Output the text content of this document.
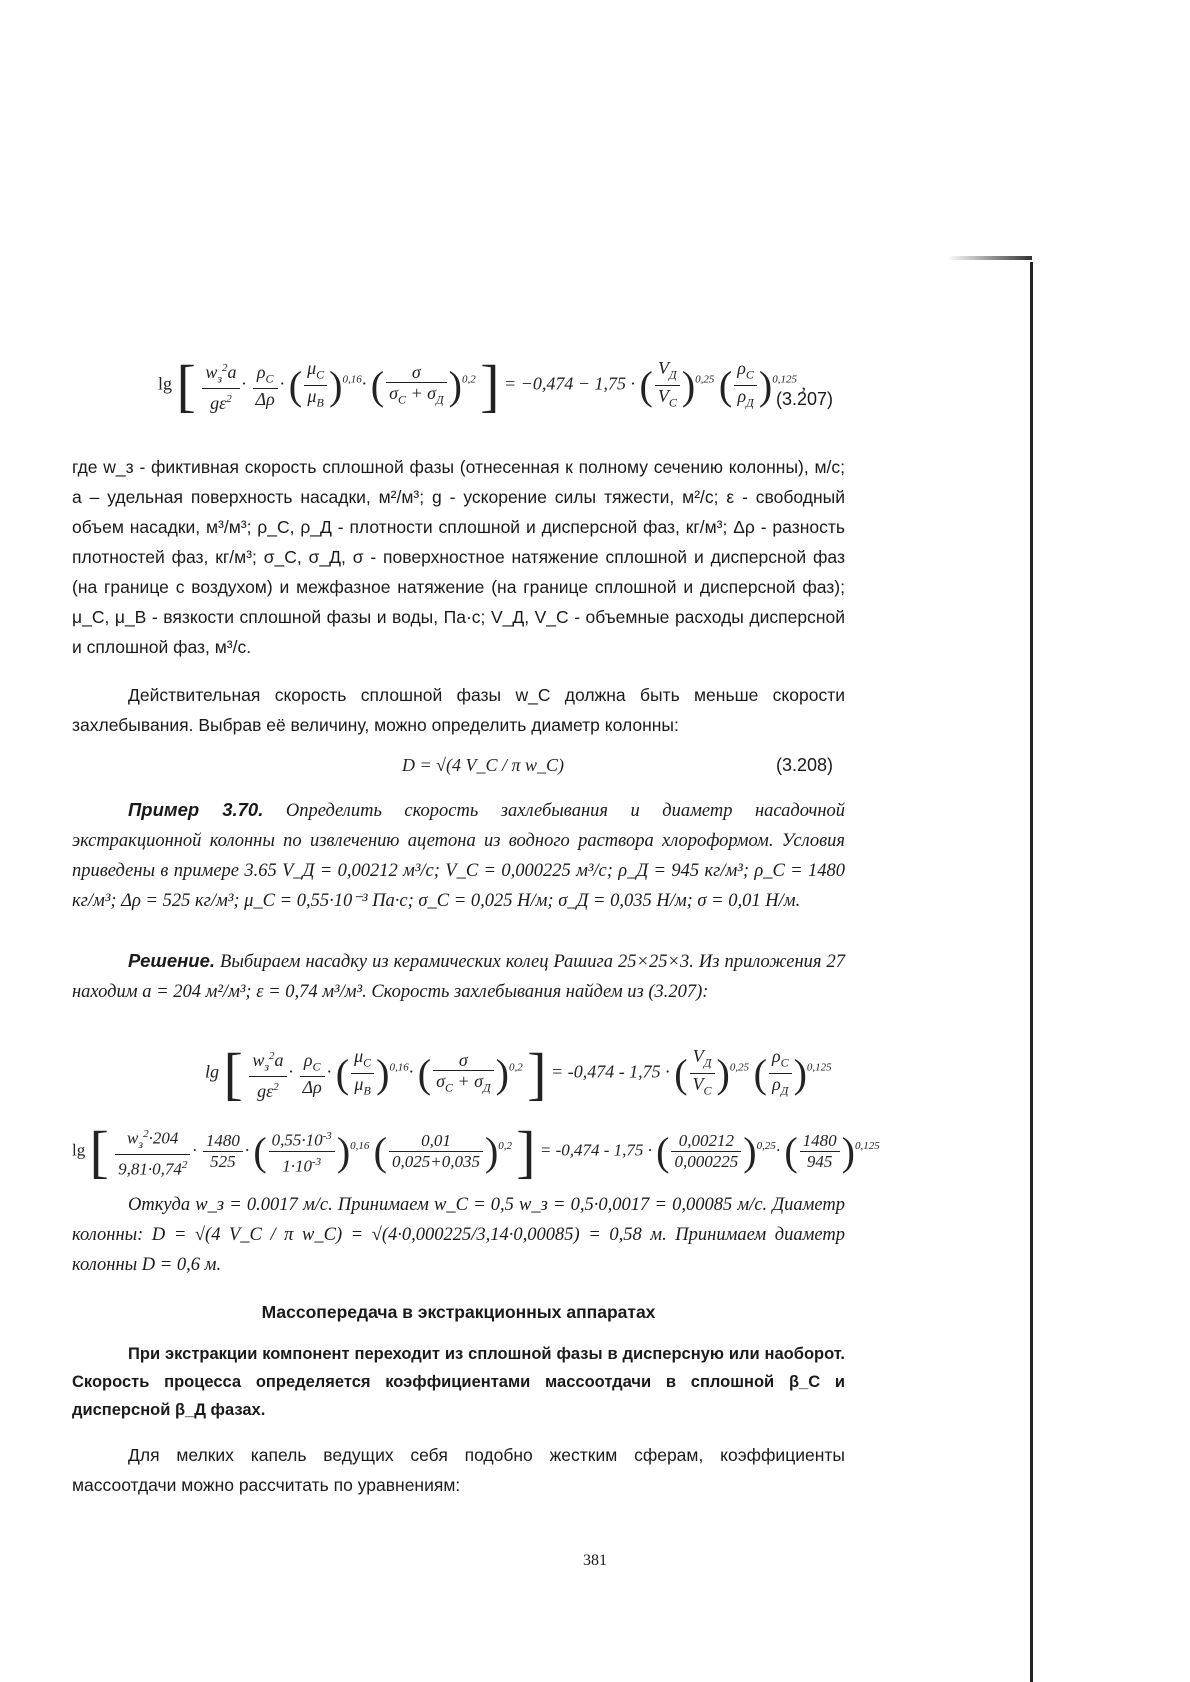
lg [ $\frac{w_з^2a}{g\varepsilon^2} \cdot \frac{\rho_C}{\Delta\rho}$ · ( $\frac{\mu_C}{\mu_B} )^{0,16}\cdot$ ( $\frac{\sigma}{\sigma_C + \sigma_Д} )^{0,2}$ ] = −0,474 − 1,75 · ( $\frac{V_Д}{V_C} )^{0,25}$ ( $\frac{\rho_C}{\rho_Д} )^{0,125}$ ,
(3.207)
где w_з - фиктивная скорость сплошной фазы (отнесенная к полному сечению колонны), м/с; a – удельная поверхность насадки, м²/м³; g - ускорение силы тяжести, м²/с; ε - свободный объем насадки, м³/м³; ρ_С, ρ_Д - плотности сплошной и дисперсной фаз, кг/м³; Δρ - разность плотностей фаз, кг/м³; σ_С, σ_Д, σ - поверхностное натяжение сплошной и дисперсной фаз (на границе с воздухом) и межфазное натяжение (на границе сплошной и дисперсной фаз); μ_С, μ_В - вязкости сплошной фазы и воды, Па·с; V_Д, V_С - объемные расходы дисперсной и сплошной фаз, м³/с.
Действительная скорость сплошной фазы w_С должна быть меньше скорости захлебывания. Выбрав её величину, можно определить диаметр колонны:
D = √(4 V_C / π w_C)	(3.208)
Пример 3.70. Определить скорость захлебывания и диаметр насадочной экстракционной колонны по извлечению ацетона из водного раствора хлороформом. Условия приведены в примере 3.65 V_Д = 0,00212 м³/с; V_С = 0,000225 м³/с; ρ_Д = 945 кг/м³; ρ_С = 1480 кг/м³; Δρ = 525 кг/м³; μ_С = 0,55·10⁻³ Па·с; σ_С = 0,025 Н/м; σ_Д = 0,035 Н/м; σ = 0,01 Н/м.
Решение. Выбираем насадку из керамических колец Рашига 25×25×3. Из приложения 27 находим a = 204 м²/м³; ε = 0,74 м³/м³. Скорость захлебывания найдем из (3.207):
lg [ $\frac{w_з^2a}{g\varepsilon^2} \cdot \frac{\rho_C}{\Delta\rho}$ · ( $\frac{\mu_C}{\mu_B} )^{0,16}\cdot$ ( $\frac{\sigma}{\sigma_C + \sigma_Д} )^{0,2}$ ] = -0,474 - 1,75 · ( $\frac{V_Д}{V_C} )^{0,25}$ ( $\frac{\rho_C}{\rho_Д} )^{0,125}$
lg [ $\frac{w_з^2\cdot 204}{9,81\cdot 0,74^2} \cdot \frac{1480}{525}$ · ( $\frac{0,55\cdot 10^{-3}}{1\cdot 10^{-3}} )^{0,16}$ ( $\frac{0,01}{0,025+0,035} )^{0,2}$ ] = -0,474 - 1,75 · ( $\frac{0,00212}{0,000225} )^{0,25}\cdot$ ( $\frac{1480}{945} )^{0,125}$
Откуда w_з = 0.0017 м/с. Принимаем w_С = 0,5 w_з = 0,5·0,0017 = 0,00085 м/с. Диаметр колонны: D = √(4 V_С / π w_С) = √(4·0,000225/3,14·0,00085) = 0,58 м. Принимаем диаметр колонны D = 0,6 м.
Массопередача в экстракционных аппаратах
При экстракции компонент переходит из сплошной фазы в дисперсную или наоборот. Скорость процесса определяется коэффициентами массоотдачи в сплошной β_С и дисперсной β_Д фазах.
Для мелких капель ведущих себя подобно жестким сферам, коэффициенты массоотдачи можно рассчитать по уравнениям:
381
